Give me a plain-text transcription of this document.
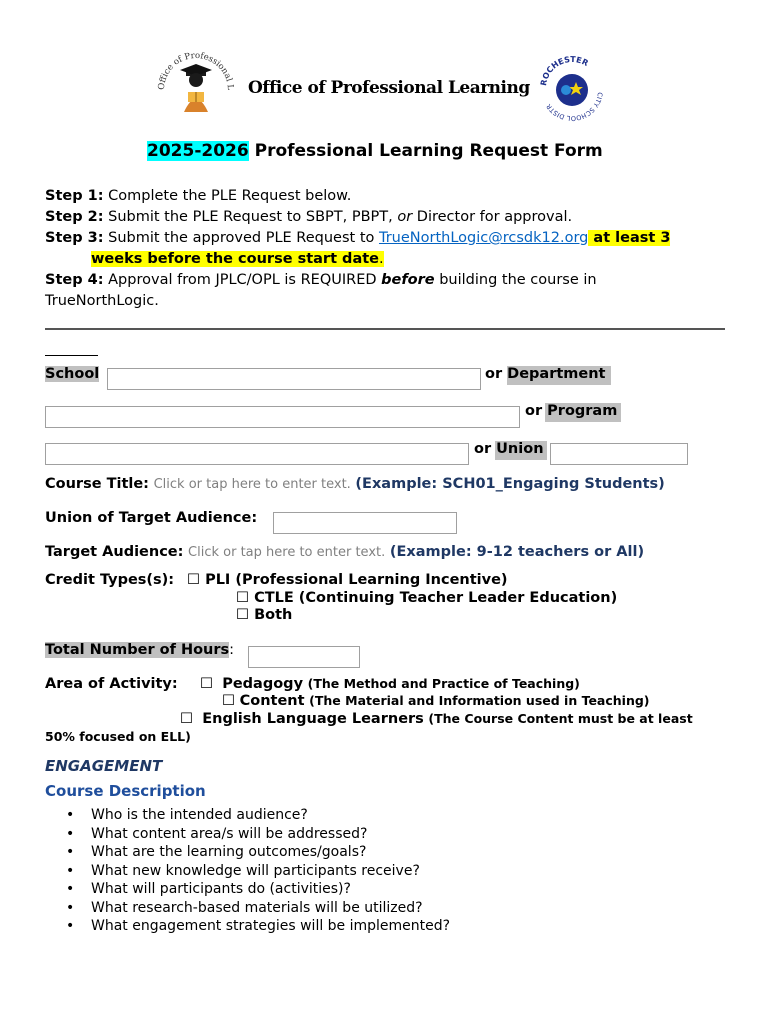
Office of Professional L Office of Professional Learning ROCHESTER
CITY SCHOOL DISTR
2025-2026 Professional Learning Request Form
Step 1: Complete the PLE Request below.
Step 2: Submit the PLE Request to SBPT, PBPT, or Director for approval.
Step 3: Submit the approved PLE Request to TrueNorthLogic@rcsdk12.org at least 3
weeks before the course start date.
Step 4: Approval from JPLC/OPL is REQUIRED before building the course in
TrueNorthLogic.
School	or Department
or Program
or Union
Course Title: Click or tap here to enter text. (Example: SCH01_Engaging Students)
Union of Target Audience:
Target Audience: Click or tap here to enter text. (Example: 9-12 teachers or All)
Credit Types(s): ☐ PLI (Professional Learning Incentive)
☐ CTLE (Continuing Teacher Leader Education)
☐ Both
Total Number of Hours:
Area of Activity: ☐ Pedagogy (The Method and Practice of Teaching)
☐ Content (The Material and Information used in Teaching)
☐ English Language Learners (The Course Content must be at least
50% focused on ELL)
ENGAGEMENT
Course Description
• Who is the intended audience?
• What content area/s will be addressed?
• What are the learning outcomes/goals?
• What new knowledge will participants receive?
• What will participants do (activities)?
• What research-based materials will be utilized?
• What engagement strategies will be implemented?
